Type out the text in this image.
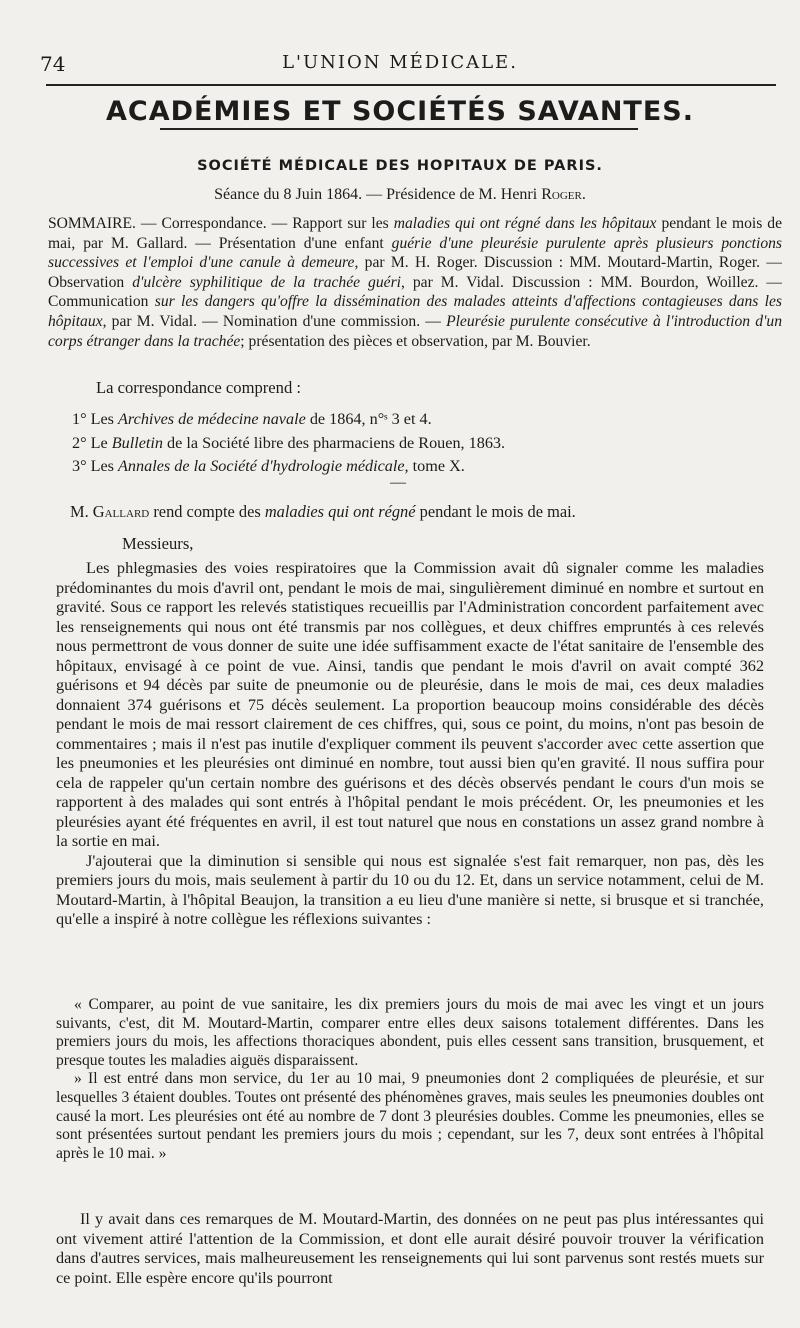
74	L'UNION MÉDICALE.
ACADÉMIES ET SOCIÉTÉS SAVANTES.
SOCIÉTÉ MÉDICALE DES HOPITAUX DE PARIS.
Séance du 8 Juin 1864. — Présidence de M. Henri Roger.

SOMMAIRE. — Correspondance. — Rapport sur les maladies qui ont régné dans les hôpitaux pendant le mois de mai, par M. Gallard. — Présentation d'une enfant guérie d'une pleurésie purulente après plusieurs ponctions successives et l'emploi d'une canule à demeure, par M. H. Roger. Discussion : MM. Moutard-Martin, Roger. — Observation d'ulcère syphilitique de la trachée guéri, par M. Vidal. Discussion : MM. Bourdon, Woillez. — Communication sur les dangers qu'offre la dissémination des malades atteints d'affections contagieuses dans les hôpitaux, par M. Vidal. — Nomination d'une commission. — Pleurésie purulente consécutive à l'introduction d'un corps étranger dans la trachée; présentation des pièces et observation, par M. Bouvier.

La correspondance comprend :
1° Les Archives de médecine navale de 1864, n°ˢ 3 et 4.
2° Le Bulletin de la Société libre des pharmaciens de Rouen, 1863.
3° Les Annales de la Société d'hydrologie médicale, tome X.
—
M. Gallard rend compte des maladies qui ont régné pendant le mois de mai.
Messieurs,

Les phlegmasies des voies respiratoires que la Commission avait dû signaler comme les maladies prédominantes du mois d'avril ont, pendant le mois de mai, singulièrement diminué en nombre et surtout en gravité. Sous ce rapport les relevés statistiques recueillis par l'Administration concordent parfaitement avec les renseignements qui nous ont été transmis par nos collègues, et deux chiffres empruntés à ces relevés nous permettront de vous donner de suite une idée suffisamment exacte de l'état sanitaire de l'ensemble des hôpitaux, envisagé à ce point de vue. Ainsi, tandis que pendant le mois d'avril on avait compté 362 guérisons et 94 décès par suite de pneumonie ou de pleurésie, dans le mois de mai, ces deux maladies donnaient 374 guérisons et 75 décès seulement. La proportion beaucoup moins considérable des décès pendant le mois de mai ressort clairement de ces chiffres, qui, sous ce point, du moins, n'ont pas besoin de commentaires ; mais il n'est pas inutile d'expliquer comment ils peuvent s'accorder avec cette assertion que les pneumonies et les pleurésies ont diminué en nombre, tout aussi bien qu'en gravité. Il nous suffira pour cela de rappeler qu'un certain nombre des guérisons et des décès observés pendant le cours d'un mois se rapportent à des malades qui sont entrés à l'hôpital pendant le mois précédent. Or, les pneumonies et les pleurésies ayant été fréquentes en avril, il est tout naturel que nous en constations un assez grand nombre à la sortie en mai.

J'ajouterai que la diminution si sensible qui nous est signalée s'est fait remarquer, non pas, dès les premiers jours du mois, mais seulement à partir du 10 ou du 12. Et, dans un service notamment, celui de M. Moutard-Martin, à l'hôpital Beaujon, la transition a eu lieu d'une manière si nette, si brusque et si tranchée, qu'elle a inspiré à notre collègue les réflexions suivantes :

« Comparer, au point de vue sanitaire, les dix premiers jours du mois de mai avec les vingt et un jours suivants, c'est, dit M. Moutard-Martin, comparer entre elles deux saisons totalement différentes. Dans les premiers jours du mois, les affections thoraciques abondent, puis elles cessent sans transition, brusquement, et presque toutes les maladies aiguës disparaissent.

» Il est entré dans mon service, du 1er au 10 mai, 9 pneumonies dont 2 compliquées de pleurésie, et sur lesquelles 3 étaient doubles. Toutes ont présenté des phénomènes graves, mais seules les pneumonies doubles ont causé la mort. Les pleurésies ont été au nombre de 7 dont 3 pleurésies doubles. Comme les pneumonies, elles se sont présentées surtout pendant les premiers jours du mois ; cependant, sur les 7, deux sont entrées à l'hôpital après le 10 mai. »

Il y avait dans ces remarques de M. Moutard-Martin, des données on ne peut pas plus intéressantes qui ont vivement attiré l'attention de la Commission, et dont elle aurait désiré pouvoir trouver la vérification dans d'autres services, mais malheureusement les renseignements qui lui sont parvenus sont restés muets sur ce point. Elle espère encore qu'ils pourront
